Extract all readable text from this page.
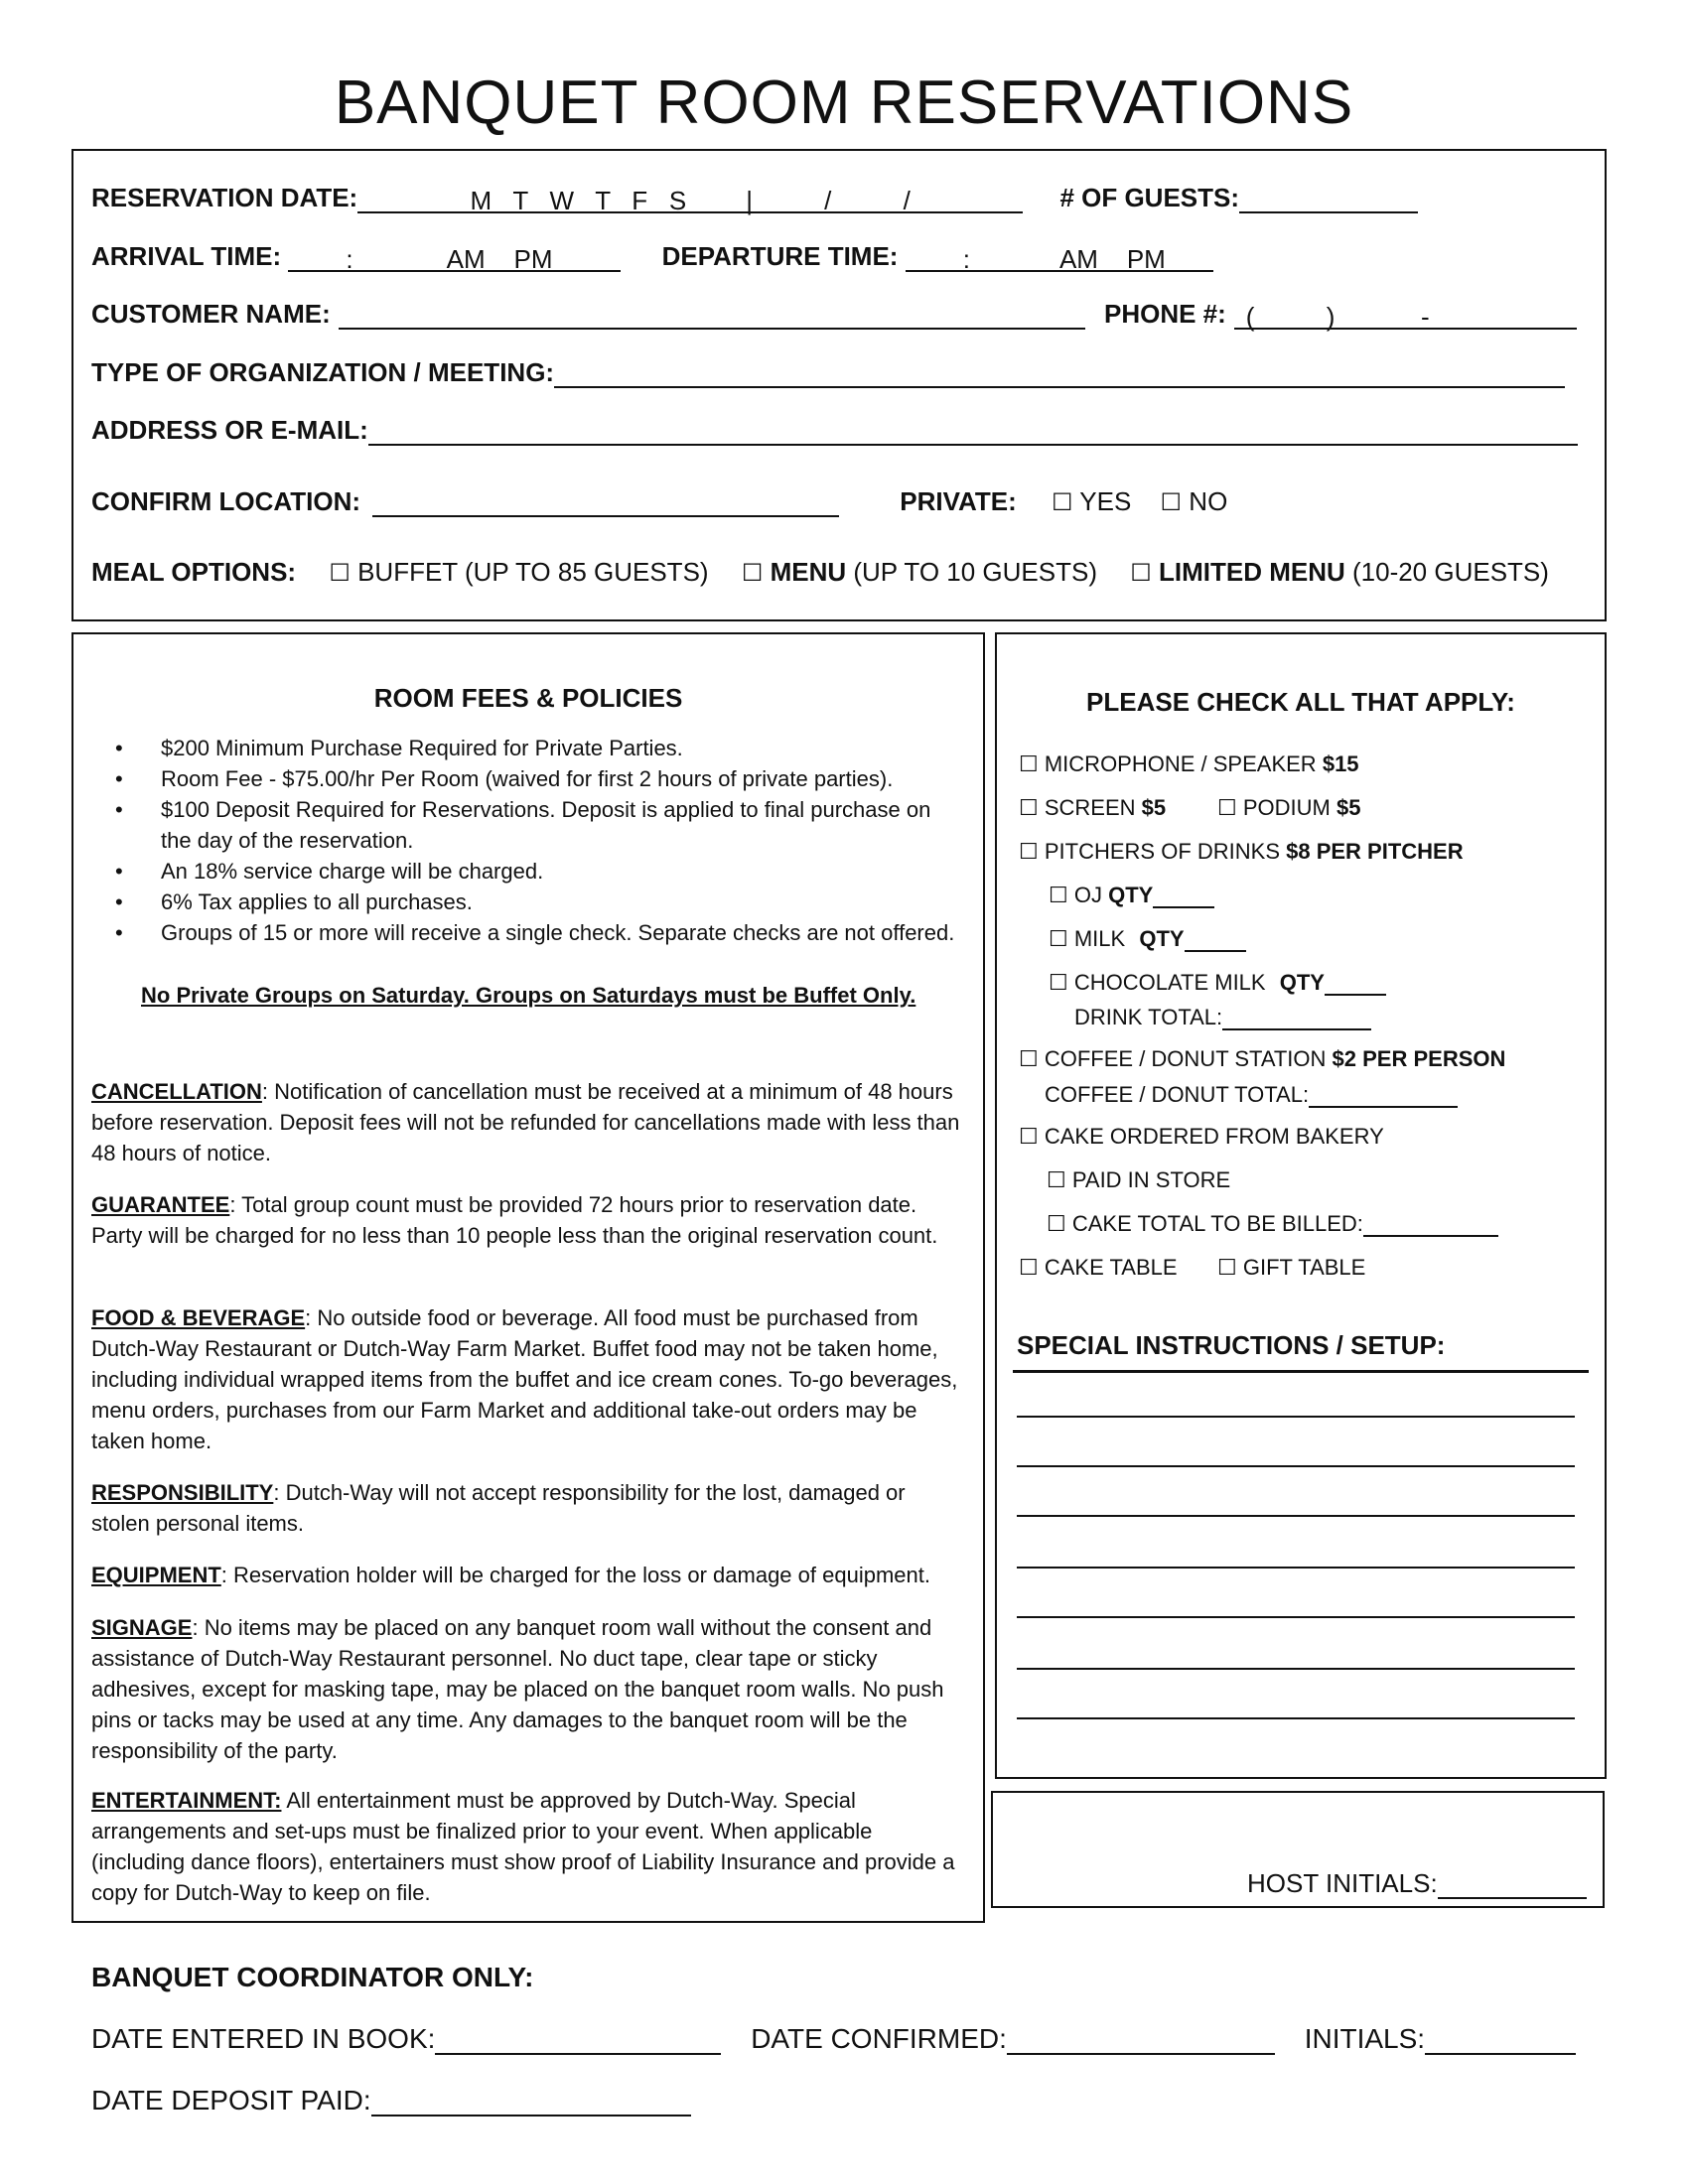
BANQUET ROOM RESERVATIONS
RESERVATION DATE:	M   T   W   T   F   S |          /          /	# OF GUESTS:
ARRIVAL TIME:	:	AM    PM	DEPARTURE TIME:	:	AM    PM
CUSTOMER NAME:	PHONE #: (          )            -
TYPE OF ORGANIZATION / MEETING:
ADDRESS OR E-MAIL:
CONFIRM LOCATION:	PRIVATE: ☐ YES ☐ NO
MEAL OPTIONS: ☐ BUFFET (UP TO 85 GUESTS) ☐ MENU (UP TO 10 GUESTS) ☐ LIMITED MENU (10-20 GUESTS)
ROOM FEES & POLICIES
• $200 Minimum Purchase Required for Private Parties.
• Room Fee - $75.00/hr Per Room (waived for first 2 hours of private parties).
• $100 Deposit Required for Reservations. Deposit is applied to final purchase on the day of the reservation.
• An 18% service charge will be charged.
• 6% Tax applies to all purchases.
• Groups of 15 or more will receive a single check. Separate checks are not offered.
No Private Groups on Saturday. Groups on Saturdays must be Buffet Only.
CANCELLATION: Notification of cancellation must be received at a minimum of 48 hours before reservation. Deposit fees will not be refunded for cancellations made with less than 48 hours of notice.
GUARANTEE: Total group count must be provided 72 hours prior to reservation date. Party will be charged for no less than 10 people less than the original reservation count.
FOOD & BEVERAGE: No outside food or beverage. All food must be purchased from Dutch-Way Restaurant or Dutch-Way Farm Market. Buffet food may not be taken home, including individual wrapped items from the buffet and ice cream cones. To-go beverages, menu orders, purchases from our Farm Market and additional take-out orders may be taken home.
RESPONSIBILITY: Dutch-Way will not accept responsibility for the lost, damaged or stolen personal items.
EQUIPMENT: Reservation holder will be charged for the loss or damage of equipment.
SIGNAGE: No items may be placed on any banquet room wall without the consent and assistance of Dutch-Way Restaurant personnel. No duct tape, clear tape or sticky adhesives, except for masking tape, may be placed on the banquet room walls. No push pins or tacks may be used at any time. Any damages to the banquet room will be the responsibility of the party.
ENTERTAINMENT: All entertainment must be approved by Dutch-Way. Special arrangements and set-ups must be finalized prior to your event. When applicable (including dance floors), entertainers must show proof of Liability Insurance and provide a copy for Dutch-Way to keep on file.
PLEASE CHECK ALL THAT APPLY:
☐ MICROPHONE / SPEAKER $15
☐ SCREEN $5 ☐ PODIUM $5
☐ PITCHERS OF DRINKS $8 PER PITCHER
☐ OJ QTY
☐ MILK QTY
☐ CHOCOLATE MILK QTY
DRINK TOTAL:
☐ COFFEE / DONUT STATION $2 PER PERSON
COFFEE / DONUT TOTAL:
☐ CAKE ORDERED FROM BAKERY
☐ PAID IN STORE
☐ CAKE TOTAL TO BE BILLED:
☐ CAKE TABLE ☐ GIFT TABLE
SPECIAL INSTRUCTIONS / SETUP:
HOST INITIALS:
BANQUET COORDINATOR ONLY:
DATE ENTERED IN BOOK:	DATE CONFIRMED:	INITIALS:
DATE DEPOSIT PAID:
